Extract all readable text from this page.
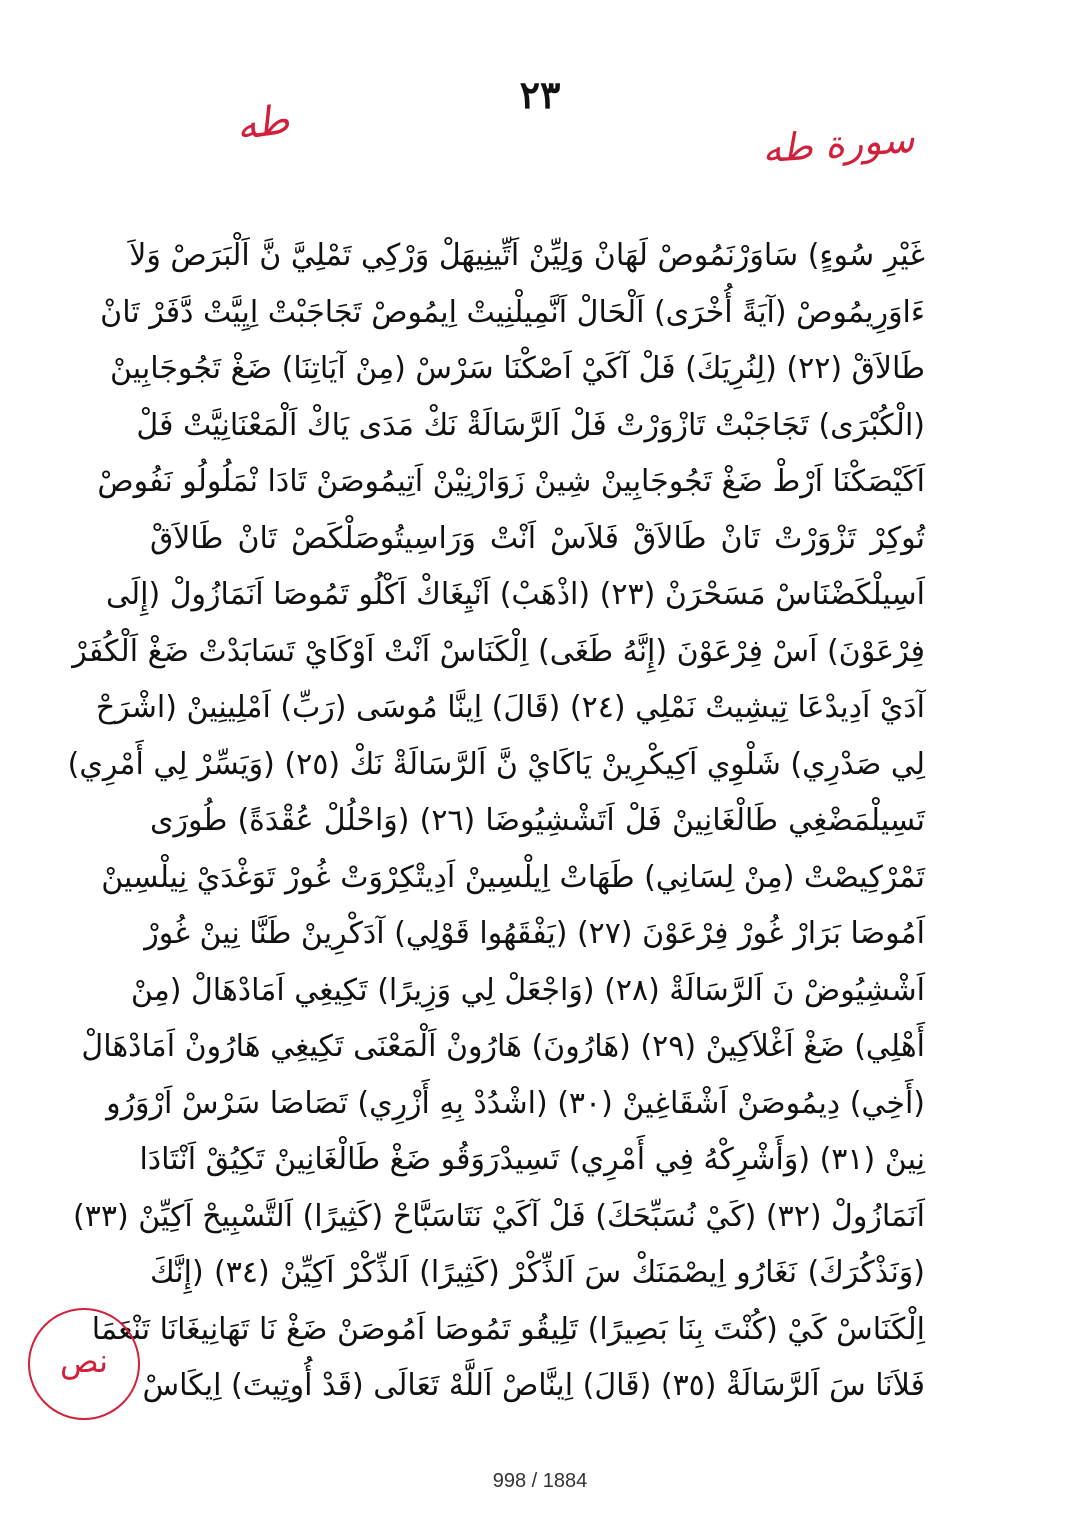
٢٣
ﻃﻪ	سورة طه
غَيْرِ سُوءٍ) سَاوَرْنَمُوصْ لَهَانْ وَلِيِّنْ اَتِّينِيهَلْ وَرْكِي تَمْلِيَّ نَّ اَلْبَرَصْ وَلاَ
ءَاوَرِيمُوصْ (آيَةً أُخْرَى) اَلْحَالْ اَنَّمِيلْنِيتْ اِيمُوصْ تَجَاجَبْتْ اِيِيَّتْ دَّفَرْ تَانْ
طَالاَقْ (٢٢) (لِنُرِيَكَ) فَلْ آكَيْ اَصْكْنَا سَرْسْ (مِنْ آيَاتِنَا) ضَغْ تَجُوجَابِينْ
(الْكُبْرَى) تَجَاجَبْتْ تَازْوَرْتْ فَلْ اَلرَّسَالَةْ نَكْ مَدَى يَاكْ اَلْمَعْنَانِيَّتْ فَلْ
اَكَيْصَكْنَا اَرْطْ ضَغْ تَجُوجَابِينْ شِينْ زَوَارْنِيْنْ اَتِيمُوصَنْ تَادَا نْمَلُولُو نَفُوصْ
تُوكِرْ تَزْوَرْتْ تَانْ طَالاَقْ فَلاَسْ اَنْتْ وَرَاسِيتُوصَلْكَصْ تَانْ طَالاَقْ
اَسِيلْكَضْنَاسْ مَسَحْرَنْ (٢٣) (اذْهَبْ) اَنْيِغَاكْ اَكْلُو تَمُوصَا اَنَمَازُولْ (إِلَى
فِرْعَوْنَ) اَسْ فِرْعَوْنَ (إِنَّهُ طَغَى) اِلْكَنَاسْ اَنْتْ اَوْكَايْ تَسَابَدْتْ ضَغْ اَلْكُفَرْ
آدَيْ اَدِيدْعَا تِيشِيتْ نَمْلِي (٢٤) (قَالَ) اِينَّا مُوسَى (رَبِّ) اَمْلِينِينْ (اشْرَحْ
لِي صَدْرِي) شَلْوِي اَكِيكْرِينْ يَاكَايْ نَّ اَلرَّسَالَةْ نَكْ (٢٥) (وَيَسِّرْ لِي أَمْرِي)
تَسِيلْمَضْغِي طَالْغَانِينْ فَلْ اَتَشْشِيُوضَا (٢٦) (وَاحْلُلْ عُقْدَةً) طُورَى
تَمْرْكِيصْتْ (مِنْ لِسَانِي) طَهَاتْ اِيلْسِينْ اَدِيتْكِرْوَتْ غُورْ تَوَغْدَيْ نِيلْسِينْ
اَمُوصَا بَرَارْ غُورْ فِرْعَوْنَ (٢٧) (يَفْقَهُوا قَوْلِي) آدَكْرِينْ طَنَّا نِينْ غُورْ
اَشْشِيُوضْ نَ اَلرَّسَالَةْ (٢٨) (وَاجْعَلْ لِي وَزِيرًا) تَكِيغِي اَمَادْهَالْ (مِنْ
أَهْلِي) ضَغْ اَغْلاَكِينْ (٢٩) (هَارُونَ) هَارُونْ اَلْمَعْنَى تَكِيغِي هَارُونْ اَمَادْهَالْ
(أَخِي) دِيمُوصَنْ اَشْقَاغِينْ (٣٠) (اشْدُدْ بِهِ أَزْرِي) تَصَاصَا سَرْسْ اَرْوَرُو
نِينْ (٣١) (وَأَشْرِكْهُ فِي أَمْرِي) تَسِيدْرَوَقُو ضَغْ طَالْغَانِينْ تَكِيُقْ اَنْتَادَا
اَنَمَازُولْ (٣٢) (كَيْ نُسَبِّحَكَ) فَلْ آكَيْ نَتَاسَبَّاحْ (كَثِيرًا) اَلتَّسْبِيحْ اَكِيِّنْ (٣٣)
(وَنَذْكُرَكَ) نَغَارُو اِيصْمَنَكْ سَ اَلذِّكْرْ (كَثِيرًا) اَلذِّكْرْ اَكِيِّنْ (٣٤) (إِنَّكَ
اِلْكَنَاسْ كَيْ (كُنْتَ بِنَا بَصِيرًا) تَلِيقُو تَمُوصَا اَمُوصَنْ ضَغْ نَا تَهَانِيغَانَا تَنْعَمَا
فَلاَنَا سَ اَلرَّسَالَةْ (٣٥) (قَالَ) اِينَّاصْ اَللَّهْ تَعَالَى (قَدْ أُوتِيتَ) اِيكَاسْ
نص
998 / 1884
